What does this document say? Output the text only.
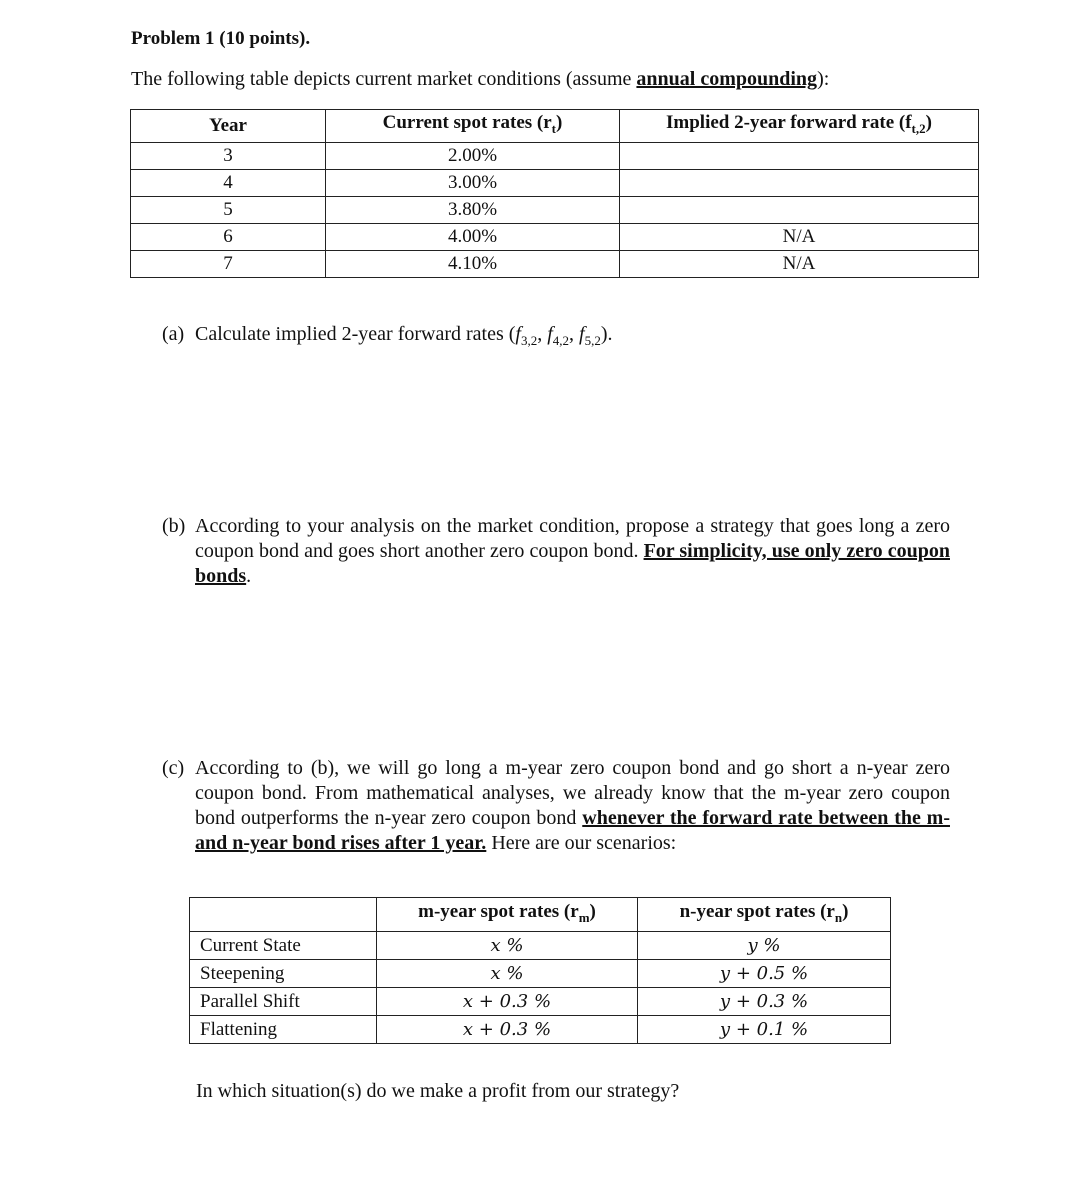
Problem 1 (10 points).
The following table depicts current market conditions (assume annual compounding):
Year	Current spot rates $(r_t)$	Implied 2-year forward rate $(f_{t,2})$
3	2.00%	
4	3.00%	
5	3.80%	
6	4.00%	N/A
7	4.10%	N/A
(a) Calculate implied 2-year forward rates ($f_{3,2}$, $f_{4,2}$, $f_{5,2}$).
(b) According to your analysis on the market condition, propose a strategy that goes long a zero coupon bond and goes short another zero coupon bond. For simplicity, use only zero coupon bonds.
(c) According to (b), we will go long a m-year zero coupon bond and go short a n-year zero coupon bond. From mathematical analyses, we already know that the m-year zero coupon bond outperforms the n-year zero coupon bond whenever the forward rate between the m- and n-year bond rises after 1 year. Here are our scenarios:
	m-year spot rates $(r_m)$	n-year spot rates $(r_n)$
Current State	x %	y %
Steepening	x %	y + 0.5 %
Parallel Shift	x + 0.3 %	y + 0.3 %
Flattening	x + 0.3 %	y + 0.1 %
In which situation(s) do we make a profit from our strategy?
